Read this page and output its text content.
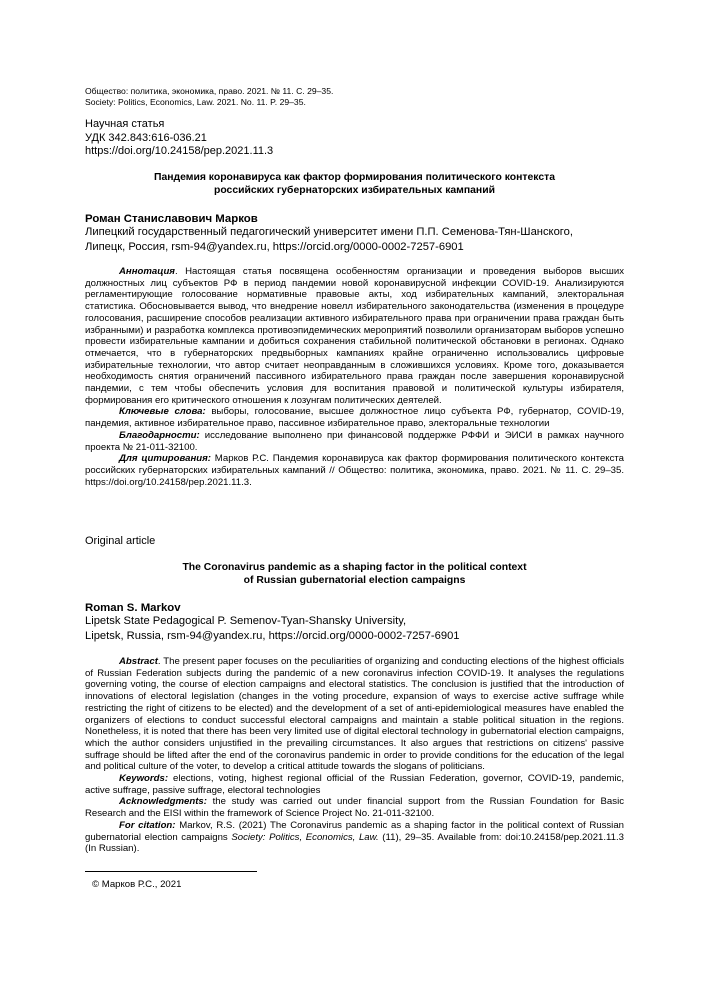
Общество: политика, экономика, право. 2021. № 11. С. 29–35.
Society: Politics, Economics, Law. 2021. No. 11. P. 29–35.
Научная статья
УДК 342.843:616-036.21
https://doi.org/10.24158/pep.2021.11.3
Пандемия коронавируса как фактор формирования политического контекста
российских губернаторских избирательных кампаний
Роман Станиславович Марков
Липецкий государственный педагогический университет имени П.П. Семенова-Тян-Шанского,
Липецк, Россия, rsm-94@yandex.ru, https://orcid.org/0000-0002-7257-6901

Аннотация. Настоящая статья посвящена особенностям организации и проведения выборов высших должностных лиц субъектов РФ в период пандемии новой коронавирусной инфекции COVID-19. Анализируются регламентирующие голосование нормативные правовые акты, ход избирательных кампаний, электоральная статистика. Обосновывается вывод, что внедрение новелл избирательного законодательства (изменения в процедуре голосования, расширение способов реализации активного избирательного права при ограничении права граждан быть избранными) и разработка комплекса противоэпидемических мероприятий позволили организаторам выборов успешно провести избирательные кампании и добиться сохранения стабильной политической обстановки в регионах. Однако отмечается, что в губернаторских предвыборных кампаниях крайне ограниченно использовались цифровые избирательные технологии, что автор считает неоправданным в сложившихся условиях. Кроме того, доказывается необходимость снятия ограничений пассивного избирательного права граждан после завершения коронавирусной пандемии, с тем чтобы обеспечить условия для воспитания правовой и политической культуры избирателя, формирования его критического отношения к лозунгам политических деятелей.

Ключевые слова: выборы, голосование, высшее должностное лицо субъекта РФ, губернатор, COVID-19, пандемия, активное избирательное право, пассивное избирательное право, электоральные технологии

Благодарности: исследование выполнено при финансовой поддержке РФФИ и ЭИСИ в рамках научного проекта № 21-011-32100.

Для цитирования: Марков Р.С. Пандемия коронавируса как фактор формирования политического контекста российских губернаторских избирательных кампаний // Общество: политика, экономика, право. 2021. № 11. С. 29–35. https://doi.org/10.24158/pep.2021.11.3.

Original article
The Coronavirus pandemic as a shaping factor in the political context
of Russian gubernatorial election campaigns
Roman S. Markov
Lipetsk State Pedagogical P. Semenov-Tyan-Shansky University,
Lipetsk, Russia, rsm-94@yandex.ru, https://orcid.org/0000-0002-7257-6901

Abstract. The present paper focuses on the peculiarities of organizing and conducting elections of the highest officials of Russian Federation subjects during the pandemic of a new coronavirus infection COVID-19. It analyses the regulations governing voting, the course of election campaigns and electoral statistics. The conclusion is justified that the introduction of innovations of electoral legislation (changes in the voting procedure, expansion of ways to exercise active suffrage while restricting the right of citizens to be elected) and the development of a set of anti-epidemiological measures have enabled the organizers of elections to conduct successful electoral campaigns and maintain a stable political situation in the regions. Nonetheless, it is noted that there has been very limited use of digital electoral technology in gubernatorial election campaigns, which the author considers unjustified in the prevailing circumstances. It also argues that restrictions on citizens' passive suffrage should be lifted after the end of the coronavirus pandemic in order to provide conditions for the education of the legal and political culture of the voter, to develop a critical attitude towards the slogans of politicians.

Keywords: elections, voting, highest regional official of the Russian Federation, governor, COVID-19, pandemic, active suffrage, passive suffrage, electoral technologies

Acknowledgments: the study was carried out under financial support from the Russian Foundation for Basic Research and the EISI within the framework of Science Project No. 21-011-32100.

For citation: Markov, R.S. (2021) The Coronavirus pandemic as a shaping factor in the political context of Russian gubernatorial election campaigns Society: Politics, Economics, Law. (11), 29–35. Available from: doi:10.24158/pep.2021.11.3 (In Russian).

© Марков Р.С., 2021
